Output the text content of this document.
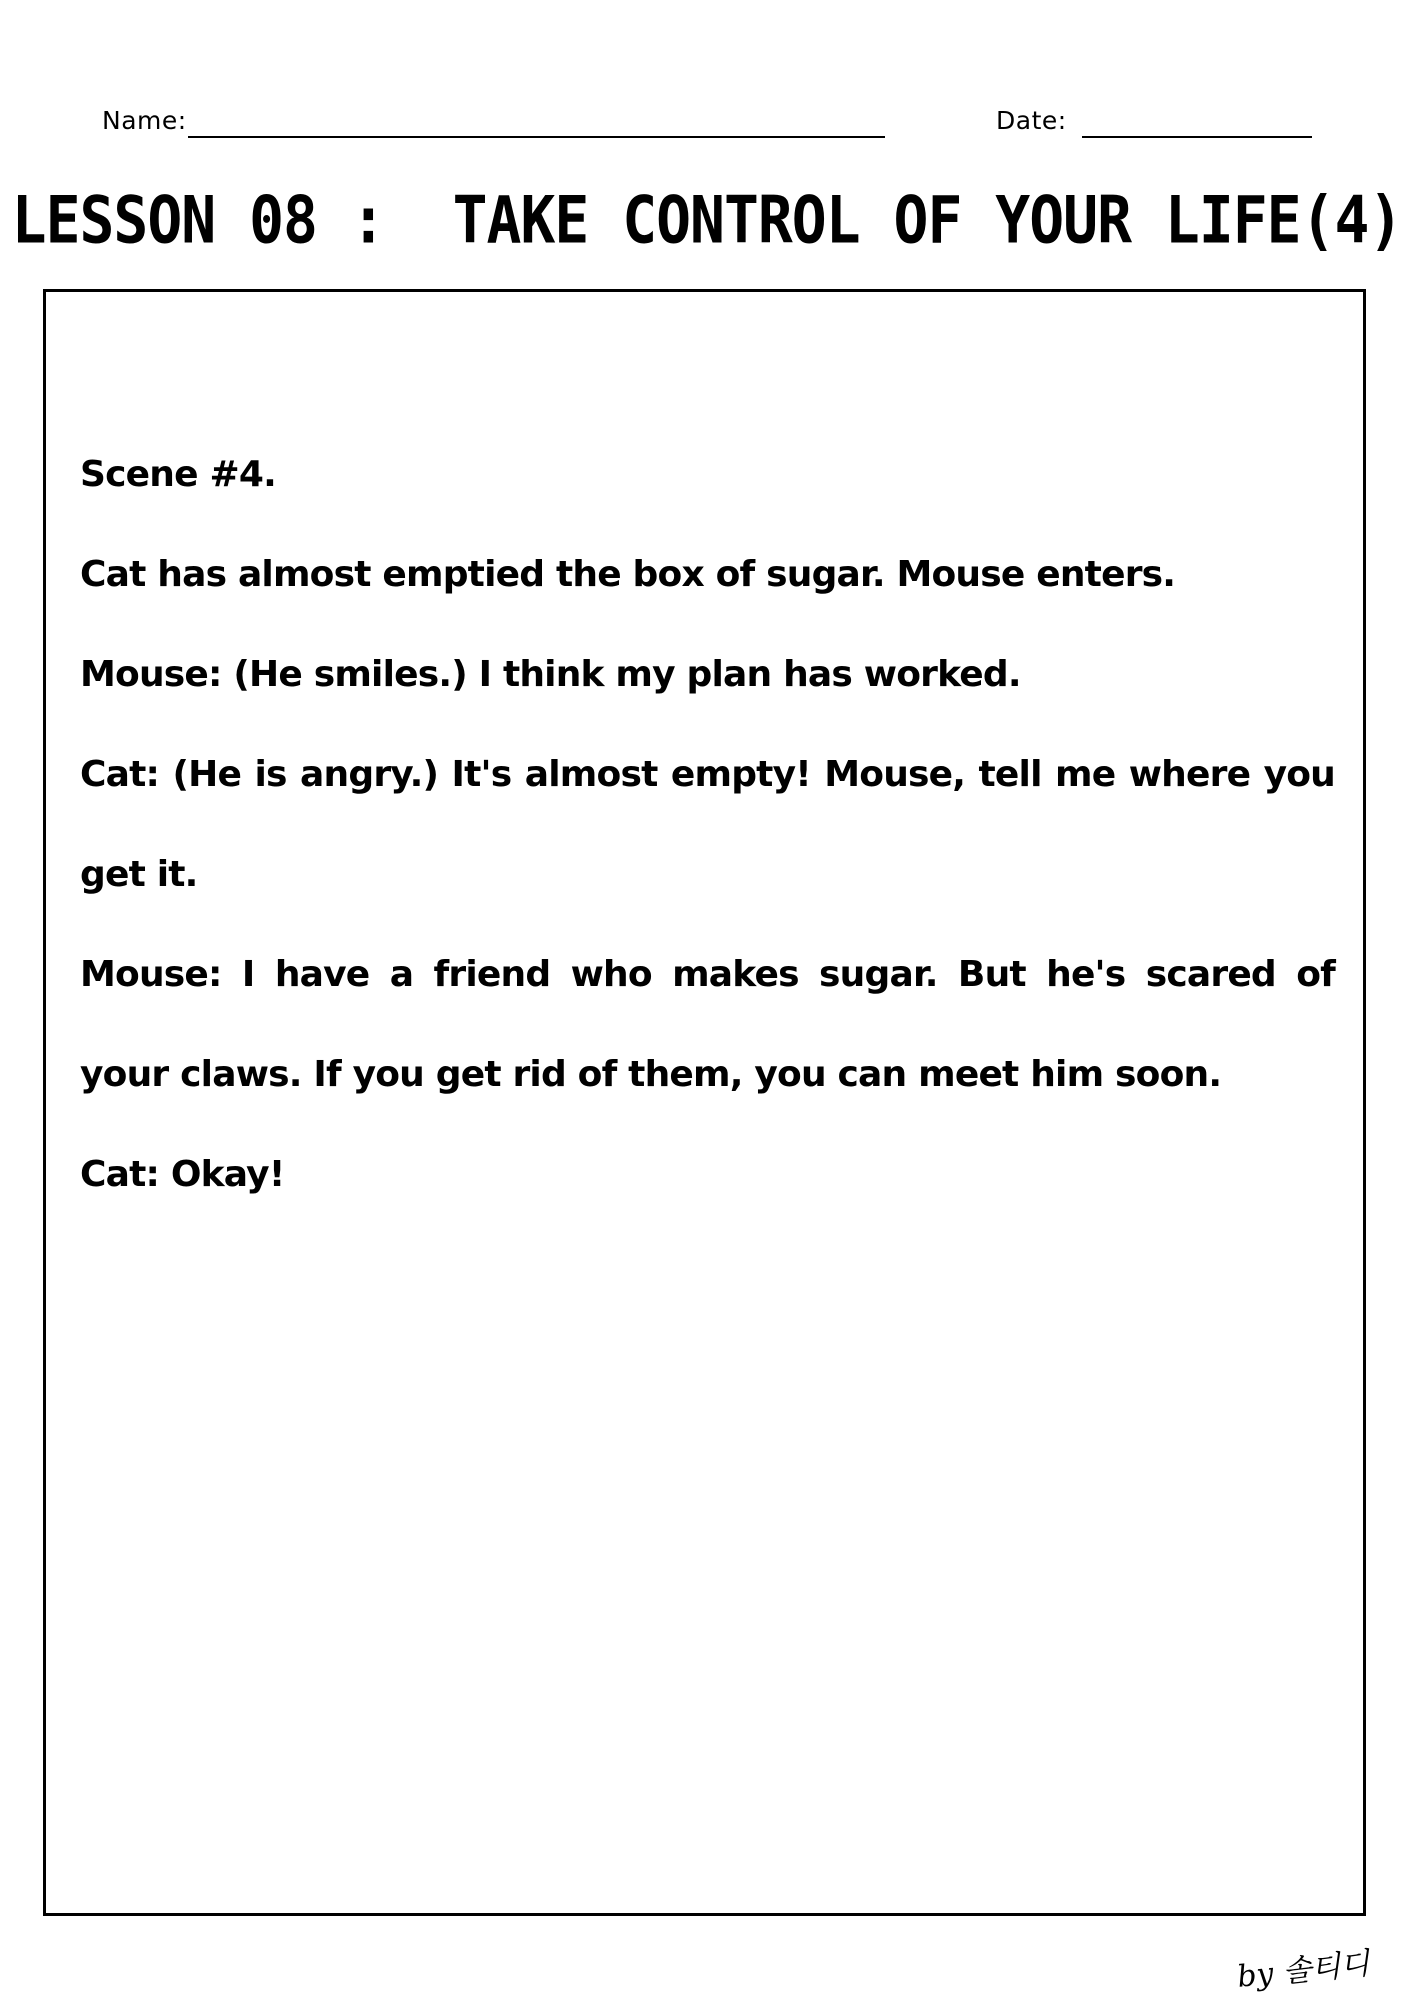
Name:	Date:
LESSON 08 :  TAKE CONTROL OF YOUR LIFE(4)

Scene #4.

Cat has almost emptied the box of sugar. Mouse enters.

Mouse: (He smiles.) I think my plan has worked.

Cat: (He is angry.) It's almost empty! Mouse, tell me where you get it.

Mouse: I have a friend who makes sugar. But he's scared of your claws. If you get rid of them, you can meet him soon.

Cat: Okay!

by 솔티디
